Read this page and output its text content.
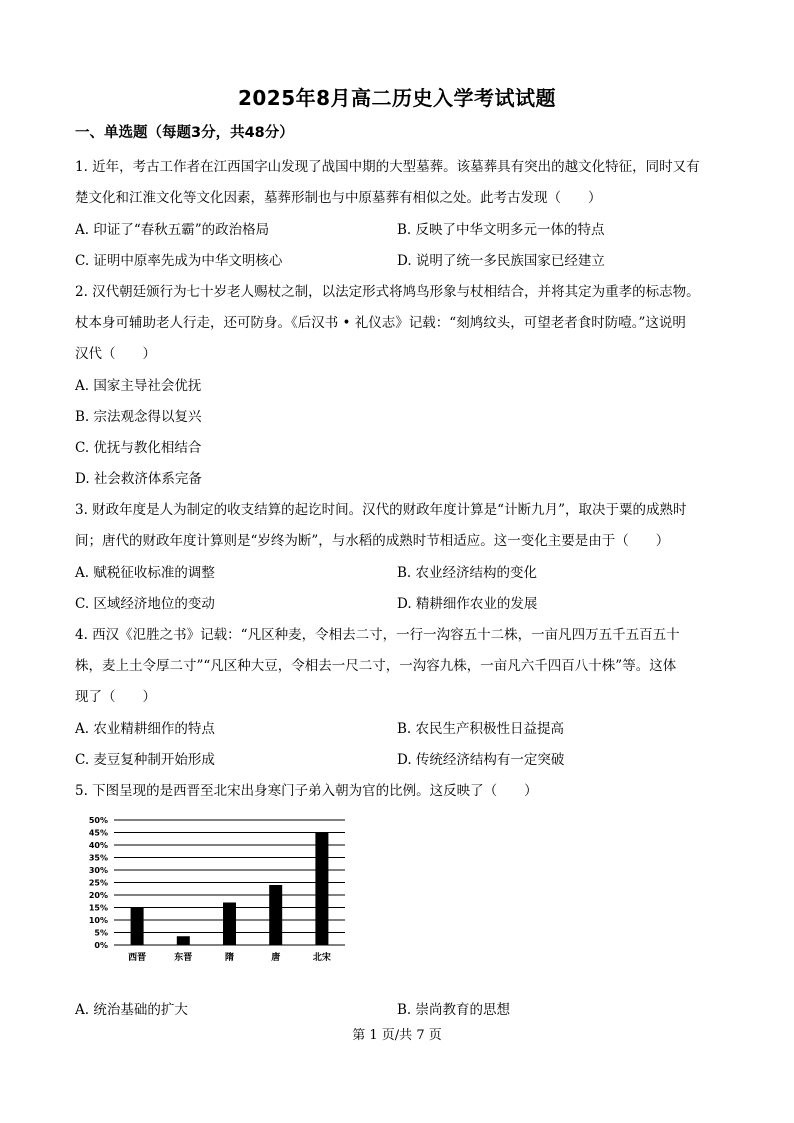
2025年8月高二历史入学考试试题
一、单选题（每题3分，共48分）
1. 近年，考古工作者在江西国字山发现了战国中期的大型墓葬。该墓葬具有突出的越文化特征，同时又有
楚文化和江淮文化等文化因素，墓葬形制也与中原墓葬有相似之处。此考古发现（　　）
A. 印证了“春秋五霸”的政治格局	B. 反映了中华文明多元一体的特点
C. 证明中原率先成为中华文明核心	D. 说明了统一多民族国家已经建立
2. 汉代朝廷颁行为七十岁老人赐杖之制，以法定形式将鸠鸟形象与杖相结合，并将其定为重孝的标志物。
杖本身可辅助老人行走，还可防身。《后汉书 • 礼仪志》记载：“刻鸠纹头，可望老者食时防噎。”这说明
汉代（　　）
A. 国家主导社会优抚
B. 宗法观念得以复兴
C. 优抚与教化相结合
D. 社会救济体系完备
3. 财政年度是人为制定的收支结算的起讫时间。汉代的财政年度计算是“计断九月”，取决于粟的成熟时
间；唐代的财政年度计算则是“岁终为断”，与水稻的成熟时节相适应。这一变化主要是由于（　　）
A. 赋税征收标准的调整	B. 农业经济结构的变化
C. 区域经济地位的变动	D. 精耕细作农业的发展
4. 西汉《氾胜之书》记载：“凡区种麦，令相去二寸，一行一沟容五十二株，一亩凡四万五千五百五十
株，麦上土令厚二寸”“凡区种大豆，令相去一尺二寸，一沟容九株，一亩凡六千四百八十株”等。这体
现了（　　）
A. 农业精耕细作的特点	B. 农民生产积极性日益提高
C. 麦豆复种制开始形成	D. 传统经济结构有一定突破
5. 下图呈现的是西晋至北宋出身寒门子弟入朝为官的比例。这反映了（　　）
0%
5%
10%
15%
20%
25%
30%
35%
40%
45%
50%
西晋	东晋	隋	唐	北宋
A. 统治基础的扩大	B. 崇尚教育的思想
第 1 页/共 7 页
